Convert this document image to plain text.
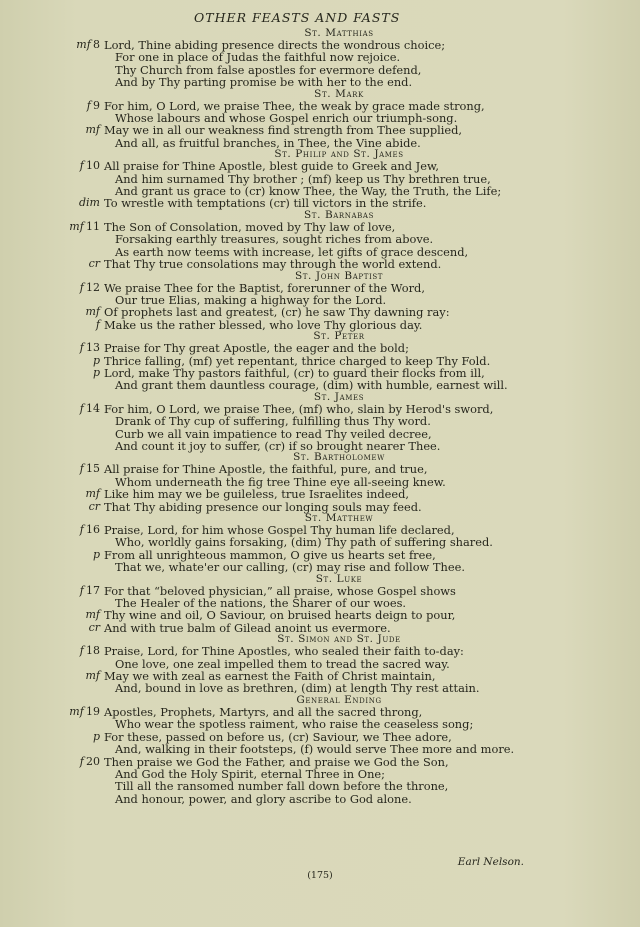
OTHER FEASTS AND FASTS
St. Matthias
mf  8 Lord, Thine abiding presence directs the wondrous choice;
For one in place of Judas the faithful now rejoice.
Thy Church from false apostles for evermore defend,
And by Thy parting promise be with her to the end.
St. Mark
f  9 For him, O Lord, we praise Thee, the weak by grace made strong,
Whose labours and whose Gospel enrich our triumph-song.
mf May we in all our weakness find strength from Thee supplied,
And all, as fruitful branches, in Thee, the Vine abide.
St. Philip and St. James
f  10 All praise for Thine Apostle, blest guide to Greek and Jew,
And him surnamed Thy brother ; (mf) keep us Thy brethren true,
And grant us grace to (cr) know Thee, the Way, the Truth, the Life;
dim To wrestle with temptations (cr) till victors in the strife.
St. Barnabas
mf  11 The Son of Consolation, moved by Thy law of love,
Forsaking earthly treasures, sought riches from above.
As earth now teems with increase, let gifts of grace descend,
cr That Thy true consolations may through the world extend.
St. John Baptist
f  12 We praise Thee for the Baptist, forerunner of the Word,
Our true Elias, making a highway for the Lord.
mf Of prophets last and greatest, (cr) he saw Thy dawning ray:
f Make us the rather blessed, who love Thy glorious day.
St. Peter
f  13 Praise for Thy great Apostle, the eager and the bold;
p Thrice falling, (mf) yet repentant, thrice charged to keep Thy Fold.
p Lord, make Thy pastors faithful, (cr) to guard their flocks from ill,
And grant them dauntless courage, (dim) with humble, earnest will.
St. James
f  14 For him, O Lord, we praise Thee, (mf) who, slain by Herod's sword,
Drank of Thy cup of suffering, fulfilling thus Thy word.
Curb we all vain impatience to read Thy veiled decree,
And count it joy to suffer, (cr) if so brought nearer Thee.
St. Bartholomew
f  15 All praise for Thine Apostle, the faithful, pure, and true,
Whom underneath the fig tree Thine eye all-seeing knew.
mf Like him may we be guileless, true Israelites indeed,
cr That Thy abiding presence our longing souls may feed.
St. Matthew
f  16 Praise, Lord, for him whose Gospel Thy human life declared,
Who, worldly gains forsaking, (dim) Thy path of suffering shared.
p From all unrighteous mammon, O give us hearts set free,
That we, whate'er our calling, (cr) may rise and follow Thee.
St. Luke
f  17 For that “beloved physician,” all praise, whose Gospel shows
The Healer of the nations, the Sharer of our woes.
mf Thy wine and oil, O Saviour, on bruised hearts deign to pour,
cr And with true balm of Gilead anoint us evermore.
St. Simon and St. Jude
f  18 Praise, Lord, for Thine Apostles, who sealed their faith to-day:
One love, one zeal impelled them to tread the sacred way.
mf May we with zeal as earnest the Faith of Christ maintain,
And, bound in love as brethren, (dim) at length Thy rest attain.
General Ending
mf  19 Apostles, Prophets, Martyrs, and all the sacred throng,
Who wear the spotless raiment, who raise the ceaseless song;
p For these, passed on before us, (cr) Saviour, we Thee adore,
And, walking in their footsteps, (f) would serve Thee more and more.
f  20 Then praise we God the Father, and praise we God the Son,
And God the Holy Spirit, eternal Three in One;
Till all the ransomed number fall down before the throne,
And honour, power, and glory ascribe to God alone.
Earl Nelson.
(175)
